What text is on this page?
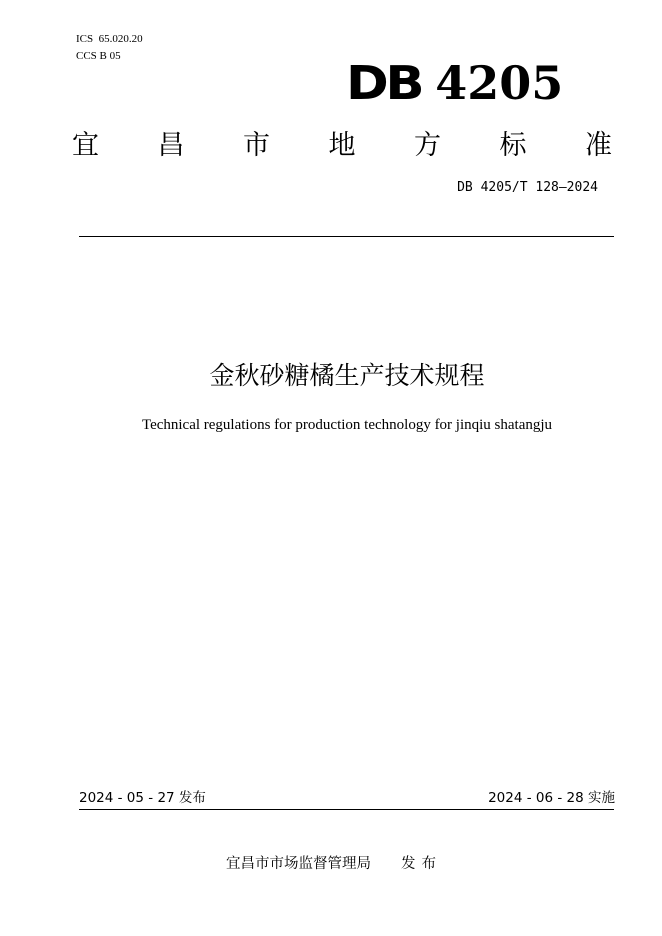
ICS 65.020.20
CCS B 05	DB 4205
宜 昌 市 地 方 标 准
DB 4205/T 128—2024
金秋砂糖橘生产技术规程
Technical regulations for production technology for jinqiu shatangju
2024 - 05 - 27 发布	2024 - 06 - 28 实施
宜昌市市场监督管理局 发布
